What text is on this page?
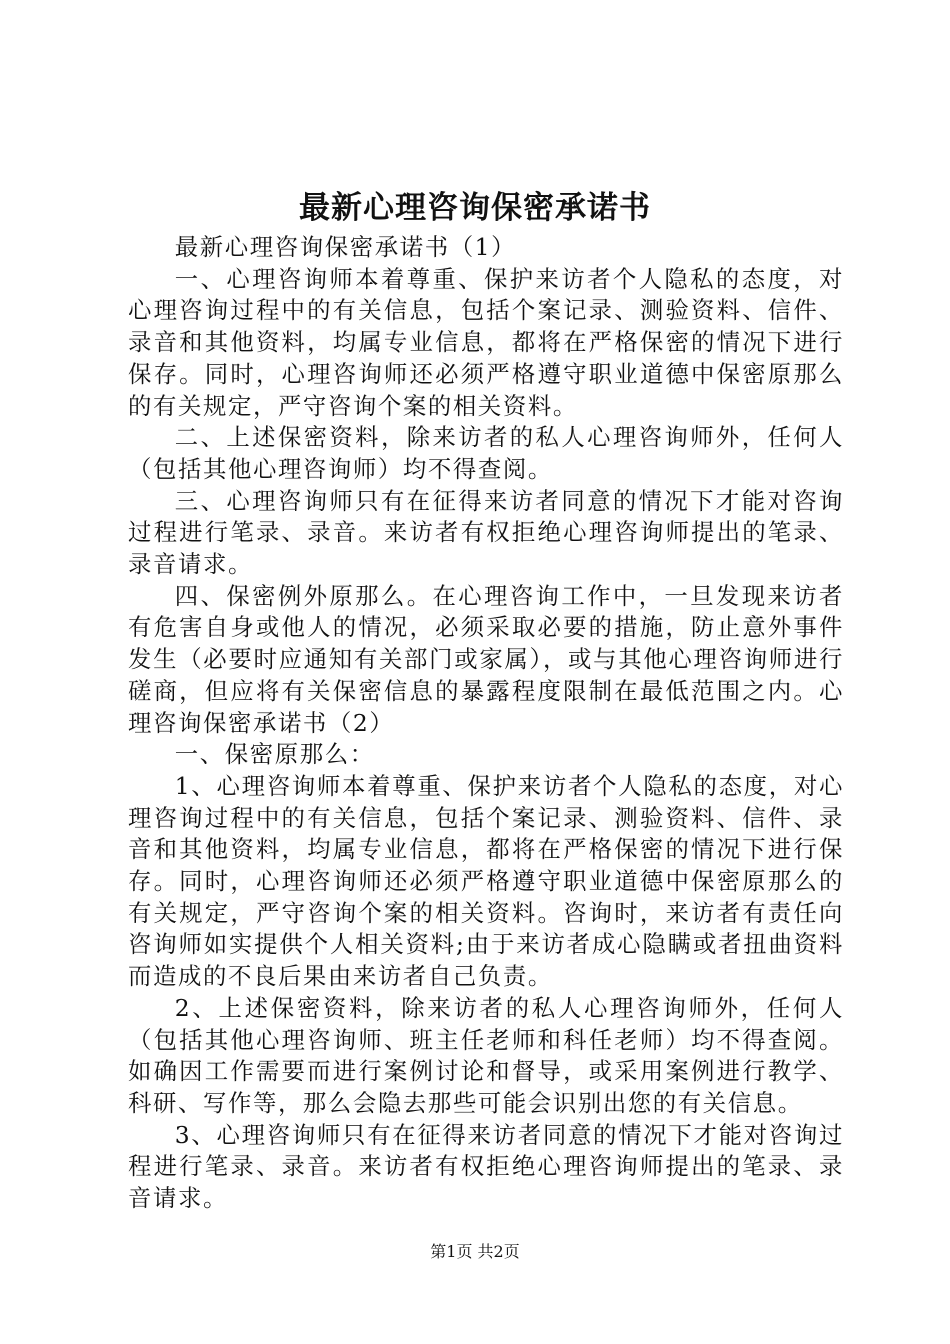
最新心理咨询保密承诺书

最新心理咨询保密承诺书（1）

一、心理咨询师本着尊重、保护来访者个人隐私的态度，对心理咨询过程中的有关信息，包括个案记录、测验资料、信件、录音和其他资料，均属专业信息，都将在严格保密的情况下进行保存。同时，心理咨询师还必须严格遵守职业道德中保密原那么的有关规定，严守咨询个案的相关资料。

二、上述保密资料，除来访者的私人心理咨询师外，任何人（包括其他心理咨询师）均不得查阅。

三、心理咨询师只有在征得来访者同意的情况下才能对咨询过程进行笔录、录音。来访者有权拒绝心理咨询师提出的笔录、录音请求。

四、保密例外原那么。在心理咨询工作中，一旦发现来访者有危害自身或他人的情况，必须采取必要的措施，防止意外事件发生（必要时应通知有关部门或家属），或与其他心理咨询师进行磋商，但应将有关保密信息的暴露程度限制在最低范围之内。心理咨询保密承诺书（2）

一、保密原那么：

1、心理咨询师本着尊重、保护来访者个人隐私的态度，对心理咨询过程中的有关信息，包括个案记录、测验资料、信件、录音和其他资料，均属专业信息，都将在严格保密的情况下进行保存。同时，心理咨询师还必须严格遵守职业道德中保密原那么的有关规定，严守咨询个案的相关资料。咨询时，来访者有责任向咨询师如实提供个人相关资料;由于来访者成心隐瞒或者扭曲资料而造成的不良后果由来访者自己负责。

2、上述保密资料，除来访者的私人心理咨询师外，任何人（包括其他心理咨询师、班主任老师和科任老师）均不得查阅。如确因工作需要而进行案例讨论和督导，或采用案例进行教学、科研、写作等，那么会隐去那些可能会识别出您的有关信息。

3、心理咨询师只有在征得来访者同意的情况下才能对咨询过程进行笔录、录音。来访者有权拒绝心理咨询师提出的笔录、录音请求。

第1页 共2页
